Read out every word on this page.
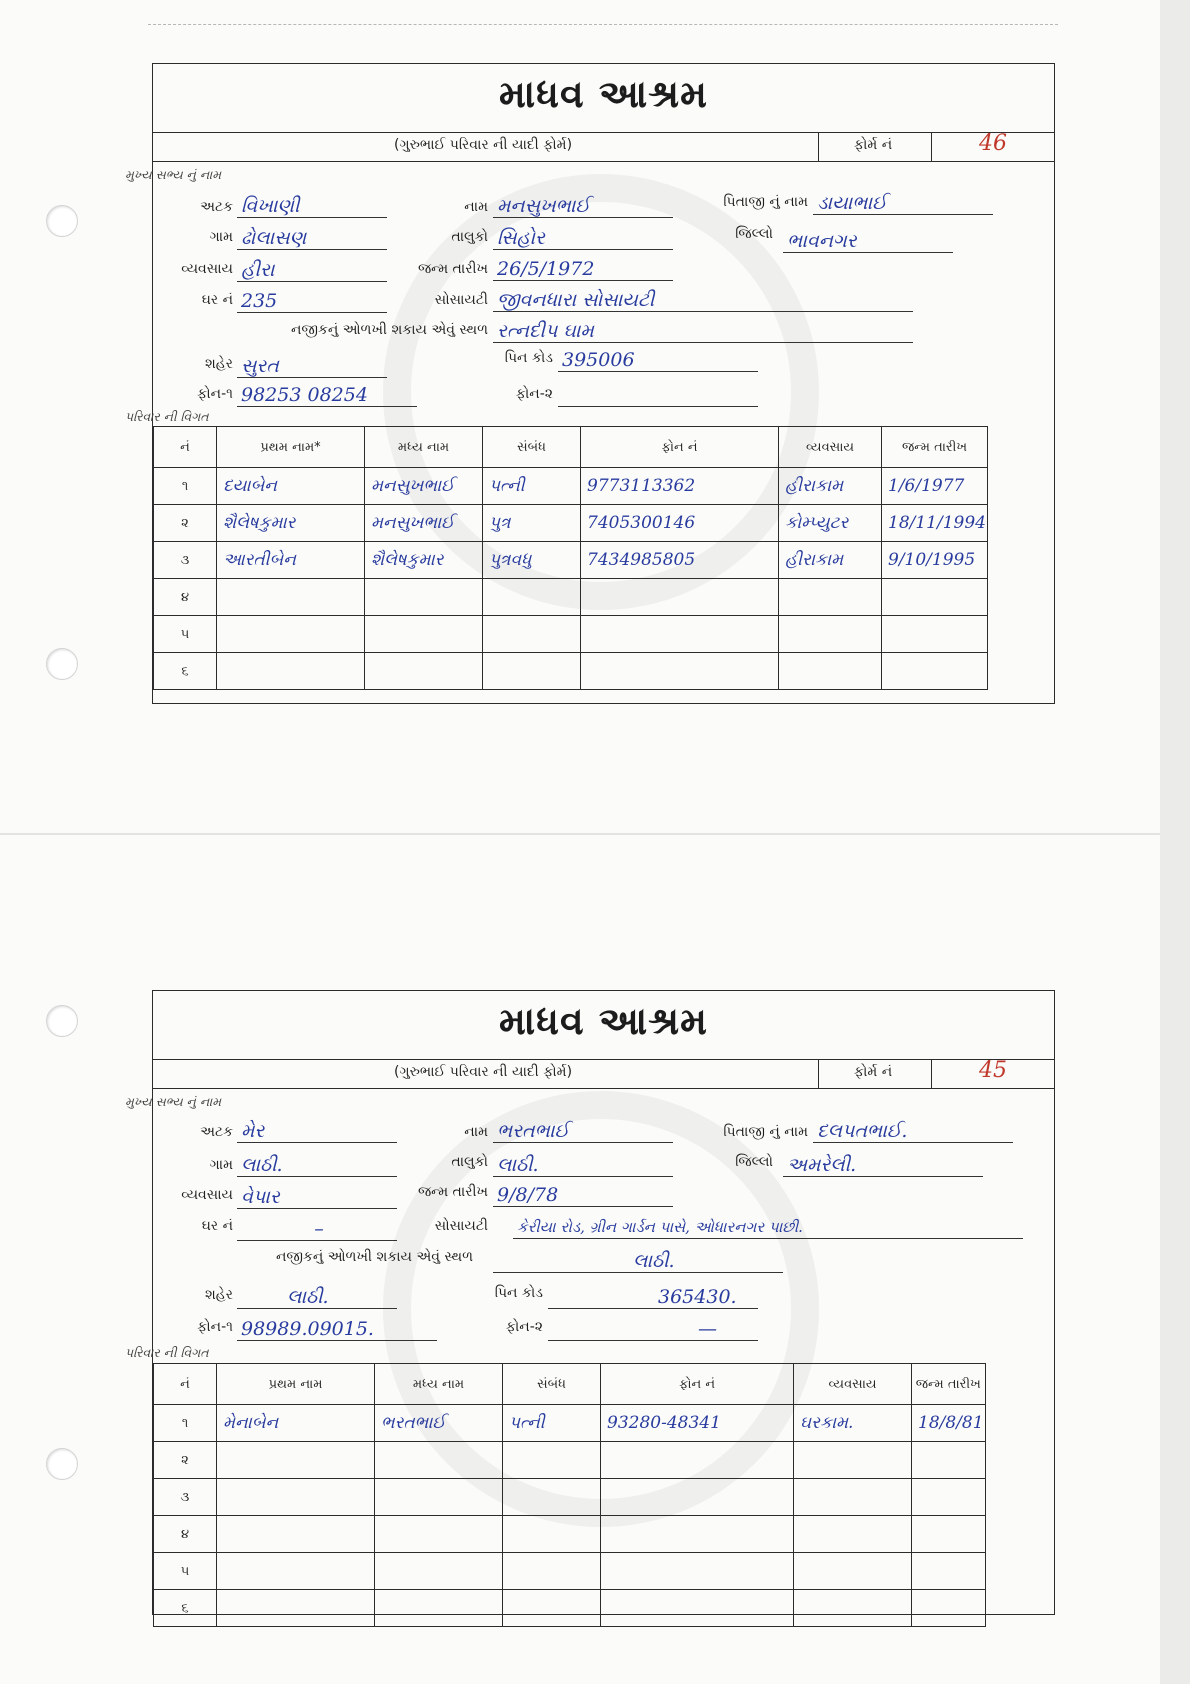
માધવ આશ્રમ
(ગુરુભાઈ પરિવાર ની યાદી ફોર્મ)	ફોર્મ નં	46
મુખ્ય સભ્ય નું નામ
અટક વિખાણી	નામ મનસુખભાઈ	પિતાજી નું નામ ડાયાભાઈ
ગામ ઢોલાસણ	તાલુકો સિહોર	જિલ્લો ભાવનગર
વ્યવસાય હીરા	જન્મ તારીખ 26/5/1972
ઘર નં 235	સોસાયટી જીવનધારા સોસાયટી
નજીકનું ઓળખી શકાય એવું સ્થળ રત્નદીપ ઘામ
શહેર સુરત	પિન કોડ 395006
ફોન-૧ 98253 08254	ફોન-૨
પરિવાર ની વિગત
નં	પ્રથમ નામ*	મધ્ય નામ	સંબંધ	ફોન નં	વ્યવસાય	જન્મ તારીખ
૧	દયાબેન	મનસુખભાઈ	પત્ની	9773113362	હીરાકામ	1/6/1977
૨	શૈલેષકુમાર	મનસુખભાઈ	પુત્ર	7405300146	કોમ્પ્યુટર	18/11/1994
૩	આરતીબેન	શૈલેષકુમાર	પુત્રવધુ	7434985805	હીરાકામ	9/10/1995
૪						
૫						
૬						
માધવ આશ્રમ
(ગુરુભાઈ પરિવાર ની યાદી ફોર્મ)	ફોર્મ નં	45
મુખ્ય સભ્ય નું નામ
અટક મેર	નામ ભરતભાઈ	પિતાજી નું નામ દલપતભાઈ.
ગામ લાઠી.	તાલુકો લાઠી.	જિલ્લો અમરેલી.
વ્યવસાય વેપાર	જન્મ તારીખ 9/8/78
ઘર નં	–	સોસાયટી કેરીયા રોડ, ગ્રીન ગાર્ડન પાસે, ઓધારનગર પાછી.
નજીકનું ઓળખી શકાય એવું સ્થળ	લાઠી.
શહેર	લાઠી.	પિન કોડ	365430.
ફોન-૧ 98989.09015.	ફોન-૨	—
પરિવાર ની વિગત
નં	પ્રથમ નામ	મધ્ય નામ	સંબંધ	ફોન નં	વ્યવસાય	જન્મ તારીખ
૧	મેનાબેન	ભરતભાઈ	પત્ની	93280-48341	ઘરકામ.	18/8/81
૨						
૩						
૪						
૫						
૬						
